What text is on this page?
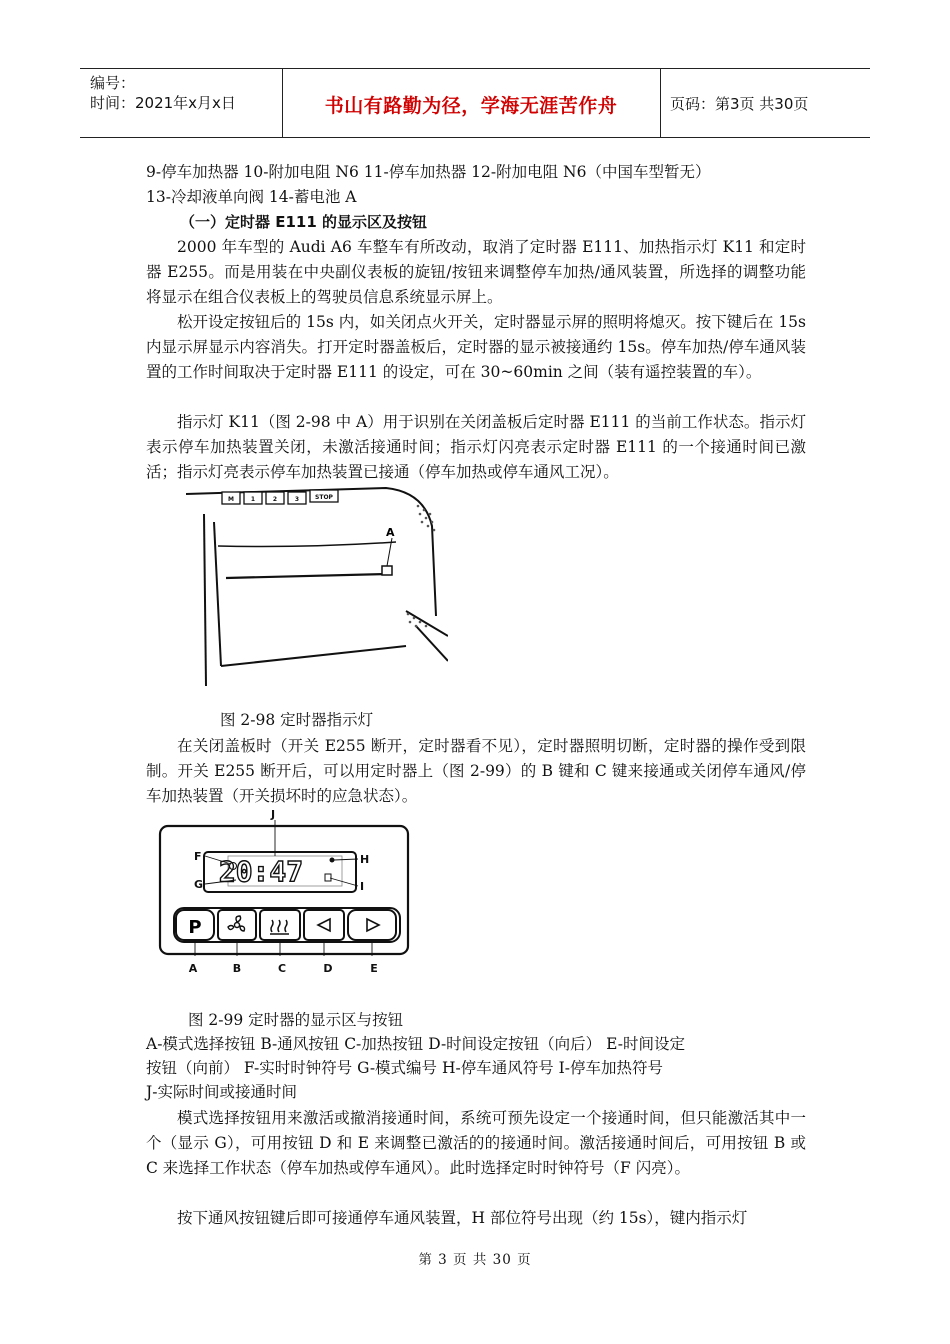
编号：
时间：2021年x月x日	书山有路勤为径，学海无涯苦作舟	页码：第3页 共30页
9-停车加热器 10-附加电阻 N6 11-停车加热器 12-附加电阻 N6（中国车型暂无）
13-冷却液单向阀 14-蓄电池 A
（一）定时器 E111 的显示区及按钮
2000 年车型的 Audi A6 车整车有所改动，取消了定时器 E111、加热指示灯 K11 和定时器 E255。而是用装在中央副仪表板的旋钮/按钮来调整停车加热/通风装置，所选择的调整功能将显示在组合仪表板上的驾驶员信息系统显示屏上。
松开设定按钮后的 15s 内，如关闭点火开关，定时器显示屏的照明将熄灭。按下键后在 15s 内显示屏显示内容消失。打开定时器盖板后，定时器的显示被接通约 15s。停车加热/停车通风装置的工作时间取决于定时器 E111 的设定，可在 30~60min 之间（装有遥控装置的车）。
指示灯 K11（图 2-98 中 A）用于识别在关闭盖板后定时器 E111 的当前工作状态。指示灯表示停车加热装置关闭，未激活接通时间；指示灯闪亮表示定时器 E111 的一个接通时间已激活；指示灯亮表示停车加热装置已接通（停车加热或停车通风工况）。
M	1	2	3	STOP
A
图 2-98 定时器指示灯
在关闭盖板时（开关 E255 断开，定时器看不见），定时器照明切断，定时器的操作受到限制。开关 E255 断开后，可以用定时器上（图 2-99）的 B 键和 C 键来接通或关闭停车通风/停车加热装置（开关损坏时的应急状态）。
20:47
J
F
G
H
I
P
A	B	C	D	E
图 2-99 定时器的显示区与按钮
A-模式选择按钮 B-通风按钮 C-加热按钮 D-时间设定按钮（向后） E-时间设定
按钮（向前） F-实时时钟符号 G-模式编号 H-停车通风符号 I-停车加热符号
J-实际时间或接通时间
模式选择按钮用来激活或撤消接通时间，系统可预先设定一个接通时间，但只能激活其中一个（显示 G），可用按钮 D 和 E 来调整已激活的的接通时间。激活接通时间后，可用按钮 B 或 C 来选择工作状态（停车加热或停车通风）。此时选择定时时钟符号（F 闪亮）。
按下通风按钮键后即可接通停车通风装置，H 部位符号出现（约 15s），键内指示灯
第 3 页 共 30 页
